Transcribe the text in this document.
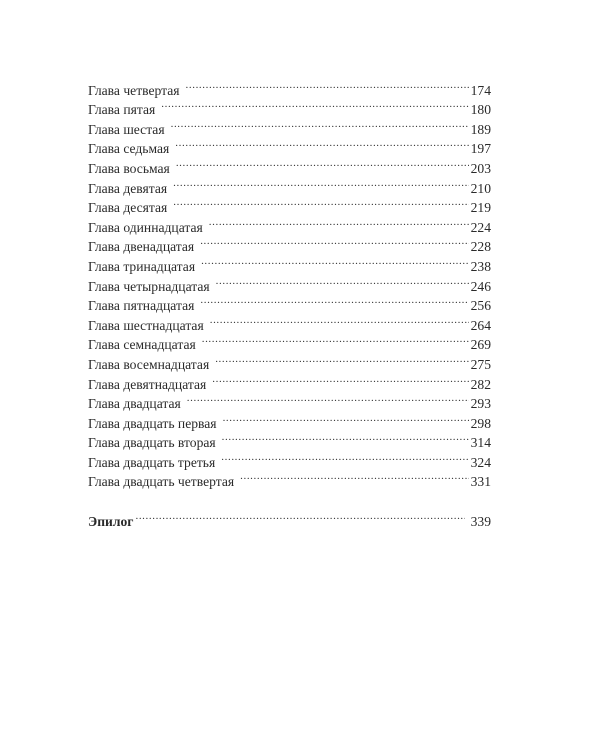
Глава четвертая .....	174
Глава пятая .....	180
Глава шестая .....	189
Глава седьмая .....	197
Глава восьмая .....	203
Глава девятая .....	210
Глава десятая .....	219
Глава одиннадцатая .....	224
Глава двенадцатая .....	228
Глава тринадцатая .....	238
Глава четырнадцатая .....	246
Глава пятнадцатая .....	256
Глава шестнадцатая .....	264
Глава семнадцатая .....	269
Глава восемнадцатая .....	275
Глава девятнадцатая .....	282
Глава двадцатая .....	293
Глава двадцать первая .....	298
Глава двадцать вторая .....	314
Глава двадцать третья .....	324
Глава двадцать четвертая .....	331
Эпилог .....	339
